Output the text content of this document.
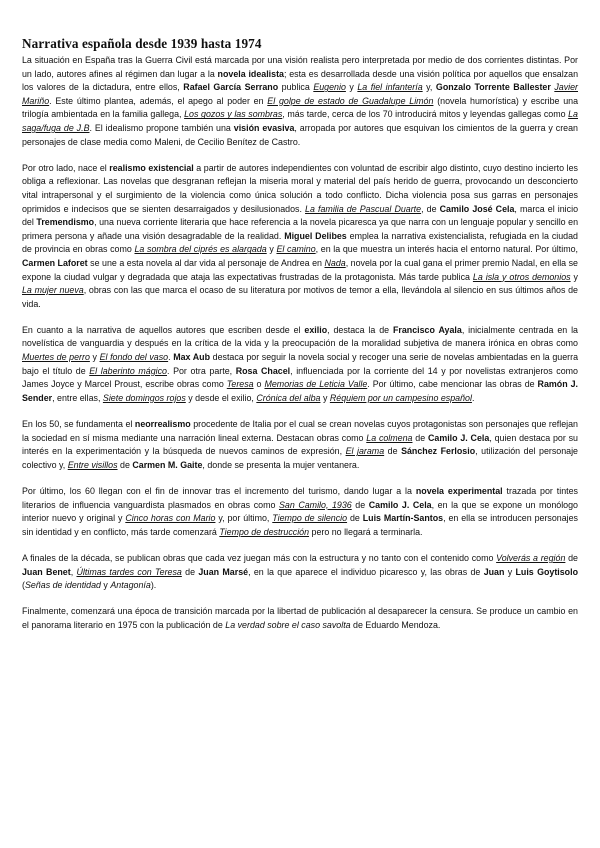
Narrativa española desde 1939 hasta 1974

La situación en España tras la Guerra Civil está marcada por una visión realista pero interpretada por medio de dos corrientes distintas. Por un lado, autores afines al régimen dan lugar a la novela idealista; esta es desarrollada desde una visión política por aquellos que ensalzan los valores de la dictadura, entre ellos, Rafael García Serrano publica Eugenio y La fiel infantería y, Gonzalo Torrente Ballester Javier Mariño. Este último plantea, además, el apego al poder en El golpe de estado de Guadalupe Limón (novela humorística) y escribe una trilogía ambientada en la familia gallega, Los gozos y las sombras, más tarde, cerca de los 70 introducirá mitos y leyendas gallegas como La saga/fuga de J.B. El idealismo propone también una visión evasiva, arropada por autores que esquivan los cimientos de la guerra y crean personajes de clase media como Maleni, de Cecilio Benítez de Castro.

Por otro lado, nace el realismo existencial a partir de autores independientes con voluntad de escribir algo distinto, cuyo destino incierto les obliga a reflexionar. Las novelas que desgranan reflejan la miseria moral y material del país herido de guerra, provocando un desconcierto vital intrapersonal y el surgimiento de la violencia como única solución a todo conflicto. Dicha violencia posa sus garras en personajes oprimidos e indecisos que se sienten desarraigados y desilusionados. La familia de Pascual Duarte, de Camilo José Cela, marca el inicio del Tremendismo, una nueva corriente literaria que hace referencia a la novela picaresca ya que narra con un lenguaje popular y sencillo en primera persona y añade una visión desagradable de la realidad. Miguel Delibes emplea la narrativa existencialista, refugiada en la ciudad de provincia en obras como La sombra del ciprés es alargada y El camino, en la que muestra un interés hacia el entorno natural. Por último, Carmen Laforet se une a esta novela al dar vida al personaje de Andrea en Nada, novela por la cual gana el primer premio Nadal, en ella se expone la ciudad vulgar y degradada que ataja las expectativas frustradas de la protagonista. Más tarde publica La isla y otros demonios y La mujer nueva, obras con las que marca el ocaso de su literatura por motivos de temor a ella, llevándola al silencio en sus últimos años de vida.

En cuanto a la narrativa de aquellos autores que escriben desde el exilio, destaca la de Francisco Ayala, inicialmente centrada en la novelística de vanguardia y después en la crítica de la vida y la preocupación de la moralidad subjetiva de manera irónica en obras como Muertes de perro y El fondo del vaso. Max Aub destaca por seguir la novela social y recoger una serie de novelas ambientadas en la guerra bajo el título de El laberinto mágico. Por otra parte, Rosa Chacel, influenciada por la corriente del 14 y por novelistas extranjeros como James Joyce y Marcel Proust, escribe obras como Teresa o Memorias de Leticia Valle. Por último, cabe mencionar las obras de Ramón J. Sender, entre ellas, Siete domingos rojos y desde el exilio, Crónica del alba y Réquiem por un campesino español.

En los 50, se fundamenta el neorrealismo procedente de Italia por el cual se crean novelas cuyos protagonistas son personajes que reflejan la sociedad en sí misma mediante una narración lineal externa. Destacan obras como La colmena de Camilo J. Cela, quien destaca por su interés en la experimentación y la búsqueda de nuevos caminos de expresión, El jarama de Sánchez Ferlosio, utilización del personaje colectivo y, Entre visillos de Carmen M. Gaite, donde se presenta la mujer ventanera.

Por último, los 60 llegan con el fin de innovar tras el incremento del turismo, dando lugar a la novela experimental trazada por tintes literarios de influencia vanguardista plasmados en obras como San Camilo, 1936 de Camilo J. Cela, en la que se expone un monólogo interior nuevo y original y Cinco horas con Mario y, por último, Tiempo de silencio de Luis Martín-Santos, en ella se introducen personajes sin identidad y en conflicto, más tarde comenzará Tiempo de destrucción pero no llegará a terminarla.

A finales de la década, se publican obras que cada vez juegan más con la estructura y no tanto con el contenido como Volverás a región de Juan Benet, Últimas tardes con Teresa de Juan Marsé, en la que aparece el individuo picaresco y, las obras de Juan y Luis Goytisolo (Señas de identidad y Antagonía).

Finalmente, comenzará una época de transición marcada por la libertad de publicación al desaparecer la censura. Se produce un cambio en el panorama literario en 1975 con la publicación de La verdad sobre el caso savolta de Eduardo Mendoza.
